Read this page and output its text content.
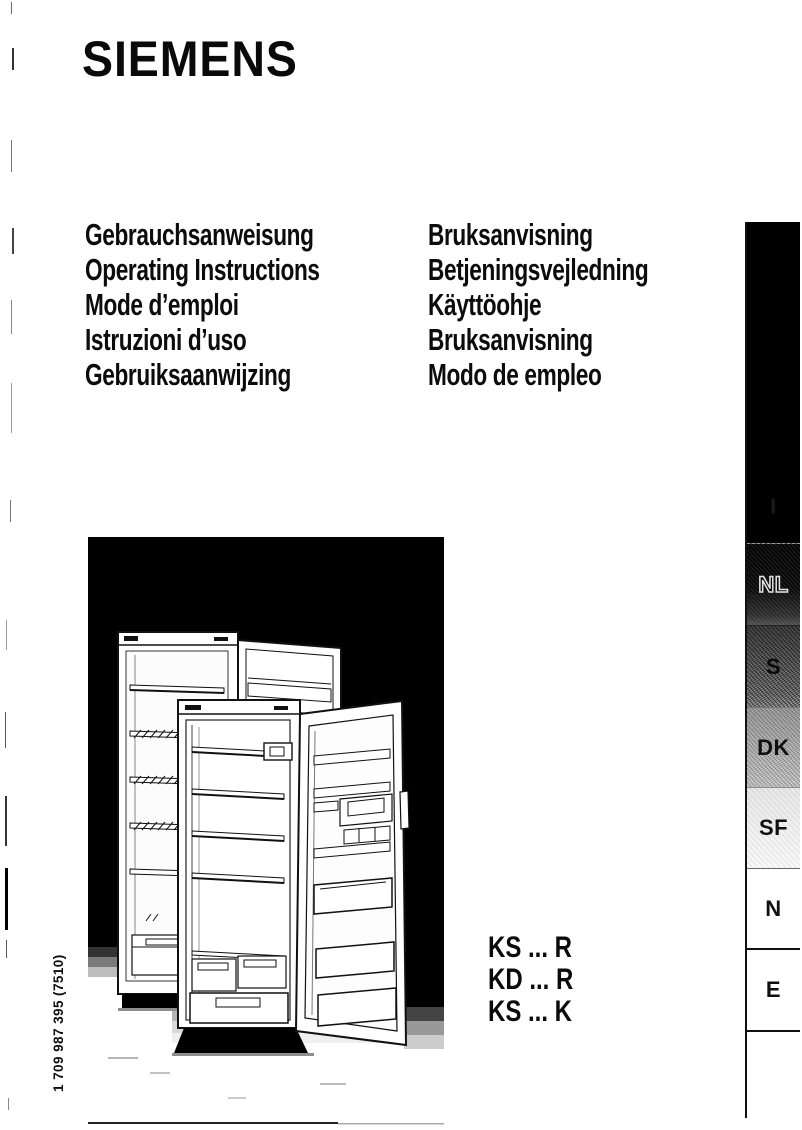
SIEMENS
Gebrauchsanweisung
Operating Instructions
Mode d’emploi
Istruzioni d’uso
Gebruiksaanwijzing
Bruksanvisning
Betjeningsvejledning
Käyttöohje
Bruksanvisning
Modo de empleo
KS ... R
KD ... R
KS ... K
1 709 987 395 (7510)
I
NL
S
DK
SF
N
E
